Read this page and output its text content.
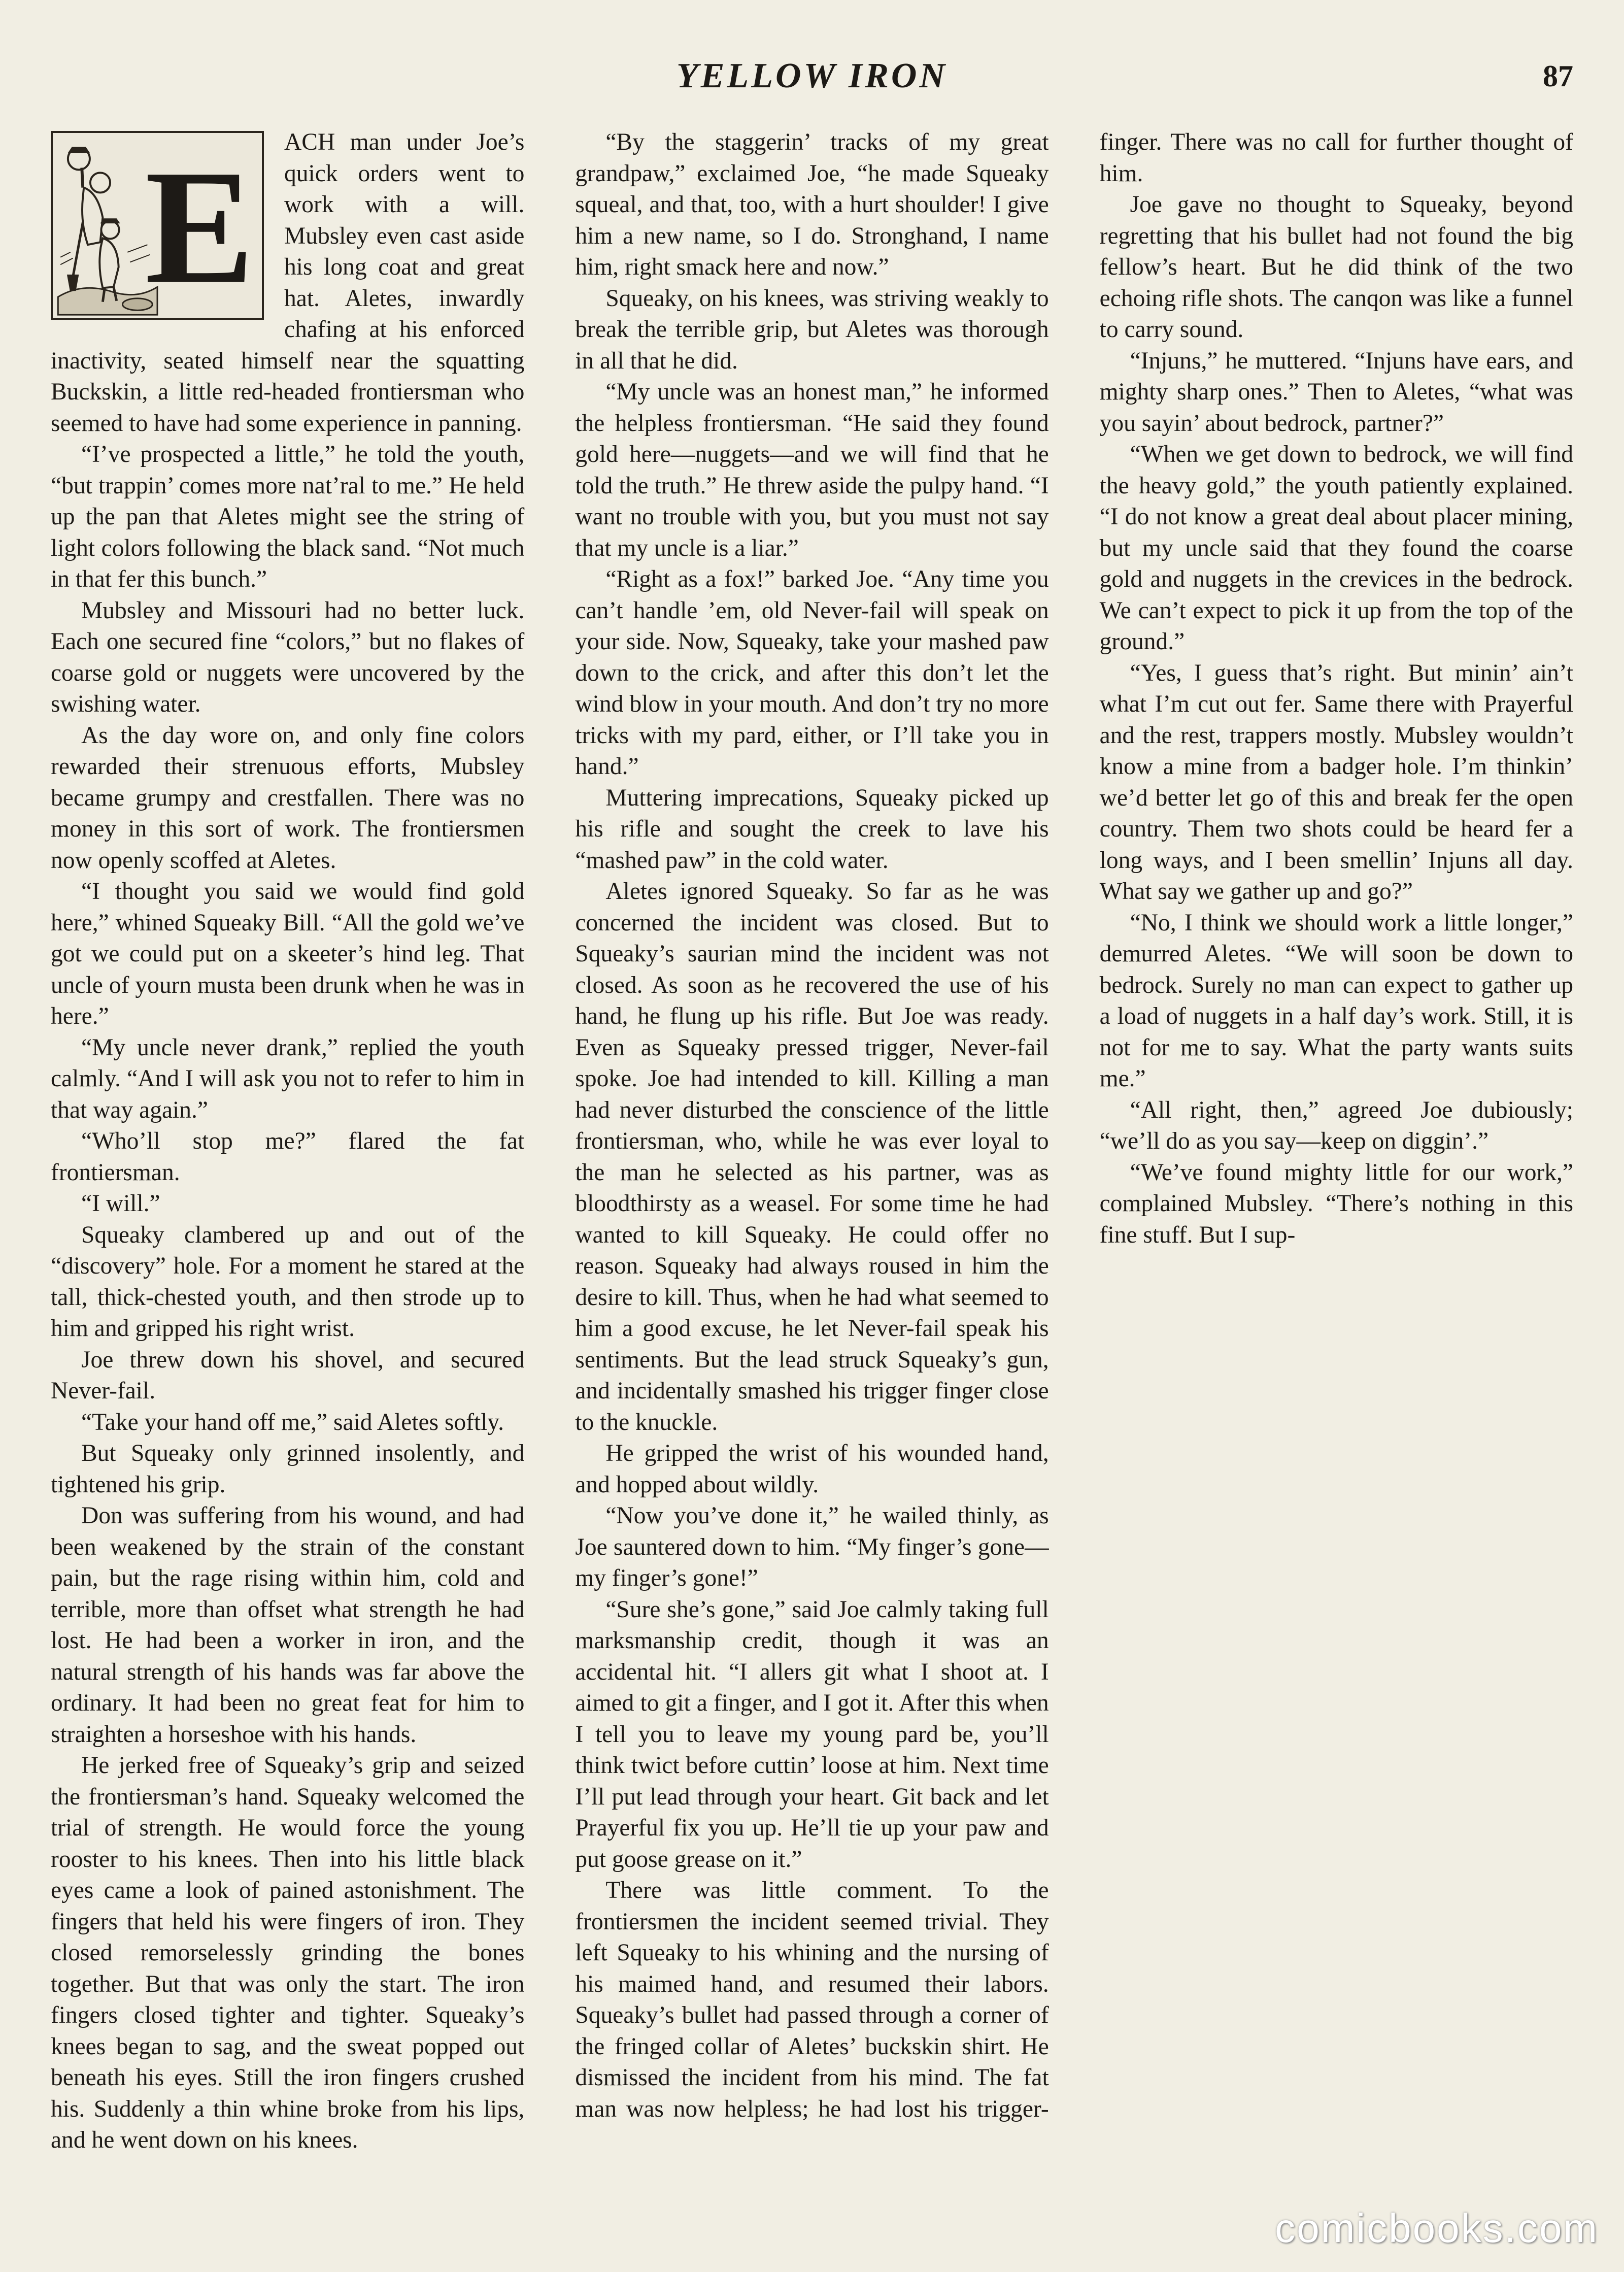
YELLOW IRON	87
E	ACH man under Joe’s quick orders went to work with a will. Mubsley even cast aside his long coat and great hat. Aletes, inwardly chafing at his enforced inactivity, seated himself near the squatting Buckskin, a little red-headed frontiersman who seemed to have had some experience in panning.

“I’ve prospected a little,” he told the youth, “but trappin’ comes more nat’ral to me.” He held up the pan that Aletes might see the string of light colors following the black sand. “Not much in that fer this bunch.”

Mubsley and Missouri had no better luck. Each one secured fine “colors,” but no flakes of coarse gold or nuggets were uncovered by the swishing water.

As the day wore on, and only fine colors rewarded their strenuous efforts, Mubsley became grumpy and crestfallen. There was no money in this sort of work. The frontiersmen now openly scoffed at Aletes.

“I thought you said we would find gold here,” whined Squeaky Bill. “All the gold we’ve got we could put on a skeeter’s hind leg. That uncle of yourn musta been drunk when he was in here.”

“My uncle never drank,” replied the youth calmly. “And I will ask you not to refer to him in that way again.”

“Who’ll stop me?” flared the fat frontiersman.

“I will.”

Squeaky clambered up and out of the “discovery” hole. For a moment he stared at the tall, thick-chested youth, and then strode up to him and gripped his right wrist.

Joe threw down his shovel, and secured Never-fail.

“Take your hand off me,” said Aletes softly.

But Squeaky only grinned insolently, and tightened his grip.

Don was suffering from his wound, and had been weakened by the strain of the constant pain, but the rage rising within him, cold and terrible, more than offset what strength he had lost. He had been a worker in iron, and the natural strength of his hands was far above the ordinary. It had been no great feat for him to straighten a horseshoe with his hands.

He jerked free of Squeaky’s grip and seized the frontiersman’s hand. Squeaky welcomed the trial of strength. He would force the young rooster to his knees. Then into his little black eyes came a look of pained astonishment. The fingers that held his were fingers of iron. They closed remorselessly grinding the bones together. But that was only the start. The iron fingers closed tighter and tighter. Squeaky’s knees began to sag, and the sweat popped out beneath his eyes. Still the iron fingers crushed his. Suddenly a thin whine broke from his lips, and he went down on his knees.

“By the staggerin’ tracks of my great grandpaw,” exclaimed Joe, “he made Squeaky squeal, and that, too, with a hurt shoulder! I give him a new name, so I do. Stronghand, I name him, right smack here and now.”

Squeaky, on his knees, was striving weakly to break the terrible grip, but Aletes was thorough in all that he did.

“My uncle was an honest man,” he informed the helpless frontiersman. “He said they found gold here—nuggets—and we will find that he told the truth.” He threw aside the pulpy hand. “I want no trouble with you, but you must not say that my uncle is a liar.”

“Right as a fox!” barked Joe. “Any time you can’t handle ’em, old Never-fail will speak on your side. Now, Squeaky, take your mashed paw down to the crick, and after this don’t let the wind blow in your mouth. And don’t try no more tricks with my pard, either, or I’ll take you in hand.”

Muttering imprecations, Squeaky picked up his rifle and sought the creek to lave his “mashed paw” in the cold water.

Aletes ignored Squeaky. So far as he was concerned the incident was closed. But to Squeaky’s saurian mind the incident was not closed. As soon as he recovered the use of his hand, he flung up his rifle. But Joe was ready. Even as Squeaky pressed trigger, Never-fail spoke. Joe had intended to kill. Killing a man had never disturbed the conscience of the little frontiersman, who, while he was ever loyal to the man he selected as his partner, was as bloodthirsty as a weasel. For some time he had wanted to kill Squeaky. He could offer no reason. Squeaky had always roused in him the desire to kill. Thus, when he had what seemed to him a good excuse, he let Never-fail speak his sentiments. But the lead struck Squeaky’s gun, and incidentally smashed his trigger finger close to the knuckle.

He gripped the wrist of his wounded hand, and hopped about wildly.

“Now you’ve done it,” he wailed thinly, as Joe sauntered down to him. “My finger’s gone—my finger’s gone!”

“Sure she’s gone,” said Joe calmly taking full marksmanship credit, though it was an accidental hit. “I allers git what I shoot at. I aimed to git a finger, and I got it. After this when I tell you to leave my young pard be, you’ll think twict before cuttin’ loose at him. Next time I’ll put lead through your heart. Git back and let Prayerful fix you up. He’ll tie up your paw and put goose grease on it.”

There was little comment. To the frontiersmen the incident seemed trivial. They left Squeaky to his whining and the nursing of his maimed hand, and resumed their labors. Squeaky’s bullet had passed through a corner of the fringed collar of Aletes’ buckskin shirt. He dismissed the incident from his mind. The fat man was now helpless; he had lost his trigger-finger. There was no call for further thought of him.

Joe gave no thought to Squeaky, beyond regretting that his bullet had not found the big fellow’s heart. But he did think of the two echoing rifle shots. The canqon was like a funnel to carry sound.

“Injuns,” he muttered. “Injuns have ears, and mighty sharp ones.” Then to Aletes, “what was you sayin’ about bedrock, partner?”

“When we get down to bedrock, we will find the heavy gold,” the youth patiently explained. “I do not know a great deal about placer mining, but my uncle said that they found the coarse gold and nuggets in the crevices in the bedrock. We can’t expect to pick it up from the top of the ground.”

“Yes, I guess that’s right. But minin’ ain’t what I’m cut out fer. Same there with Prayerful and the rest, trappers mostly. Mubsley wouldn’t know a mine from a badger hole. I’m thinkin’ we’d better let go of this and break fer the open country. Them two shots could be heard fer a long ways, and I been smellin’ Injuns all day. What say we gather up and go?”

“No, I think we should work a little longer,” demurred Aletes. “We will soon be down to bedrock. Surely no man can expect to gather up a load of nuggets in a half day’s work. Still, it is not for me to say. What the party wants suits me.”

“All right, then,” agreed Joe dubiously; “we’ll do as you say—keep on diggin’.”

“We’ve found mighty little for our work,” complained Mubsley. “There’s nothing in this fine stuff. But I sup-

comicbooks.com
